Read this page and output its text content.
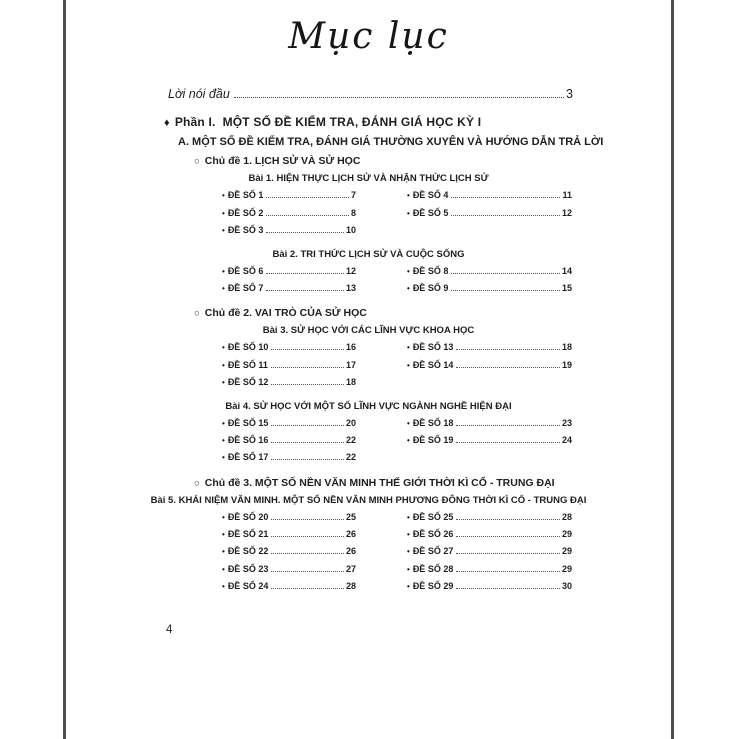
Mục lục
Lời nói đầu	3
♦ Phần I. MỘT SỐ ĐỀ KIỂM TRA, ĐÁNH GIÁ HỌC KỲ I
A. MỘT SỐ ĐỀ KIỂM TRA, ĐÁNH GIÁ THƯỜNG XUYÊN VÀ HƯỚNG DẪN TRẢ LỜI
○ Chủ đề 1. LỊCH SỬ VÀ SỬ HỌC
Bài 1. HIỆN THỰC LỊCH SỬ VÀ NHẬN THỨC LỊCH SỬ
• ĐỀ SỐ 1	7
• ĐỀ SỐ 2	8
• ĐỀ SỐ 3	10
• ĐỀ SỐ 4	11
• ĐỀ SỐ 5	12
Bài 2. TRI THỨC LỊCH SỬ VÀ CUỘC SỐNG
• ĐỀ SỐ 6	12
• ĐỀ SỐ 7	13
• ĐỀ SỐ 8	14
• ĐỀ SỐ 9	15
○ Chủ đề 2. VAI TRÒ CỦA SỬ HỌC
Bài 3. SỬ HỌC VỚI CÁC LĨNH VỰC KHOA HỌC
• ĐỀ SỐ 10	16
• ĐỀ SỐ 11	17
• ĐỀ SỐ 12	18
• ĐỀ SỐ 13	18
• ĐỀ SỐ 14	19
Bài 4. SỬ HỌC VỚI MỘT SỐ LĨNH VỰC NGÀNH NGHỀ HIỆN ĐẠI
• ĐỀ SỐ 15	20
• ĐỀ SỐ 16	22
• ĐỀ SỐ 17	22
• ĐỀ SỐ 18	23
• ĐỀ SỐ 19	24
○ Chủ đề 3. MỘT SỐ NỀN VĂN MINH THẾ GIỚI THỜI KÌ CỔ - TRUNG ĐẠI
Bài 5. KHÁI NIỆM VĂN MINH. MỘT SỐ NỀN VĂN MINH PHƯƠNG ĐÔNG THỜI KÌ CỔ - TRUNG ĐẠI
• ĐỀ SỐ 20	25
• ĐỀ SỐ 21	26
• ĐỀ SỐ 22	26
• ĐỀ SỐ 23	27
• ĐỀ SỐ 24	28
• ĐỀ SỐ 25	28
• ĐỀ SỐ 26	29
• ĐỀ SỐ 27	29
• ĐỀ SỐ 28	29
• ĐỀ SỐ 29	30
4
